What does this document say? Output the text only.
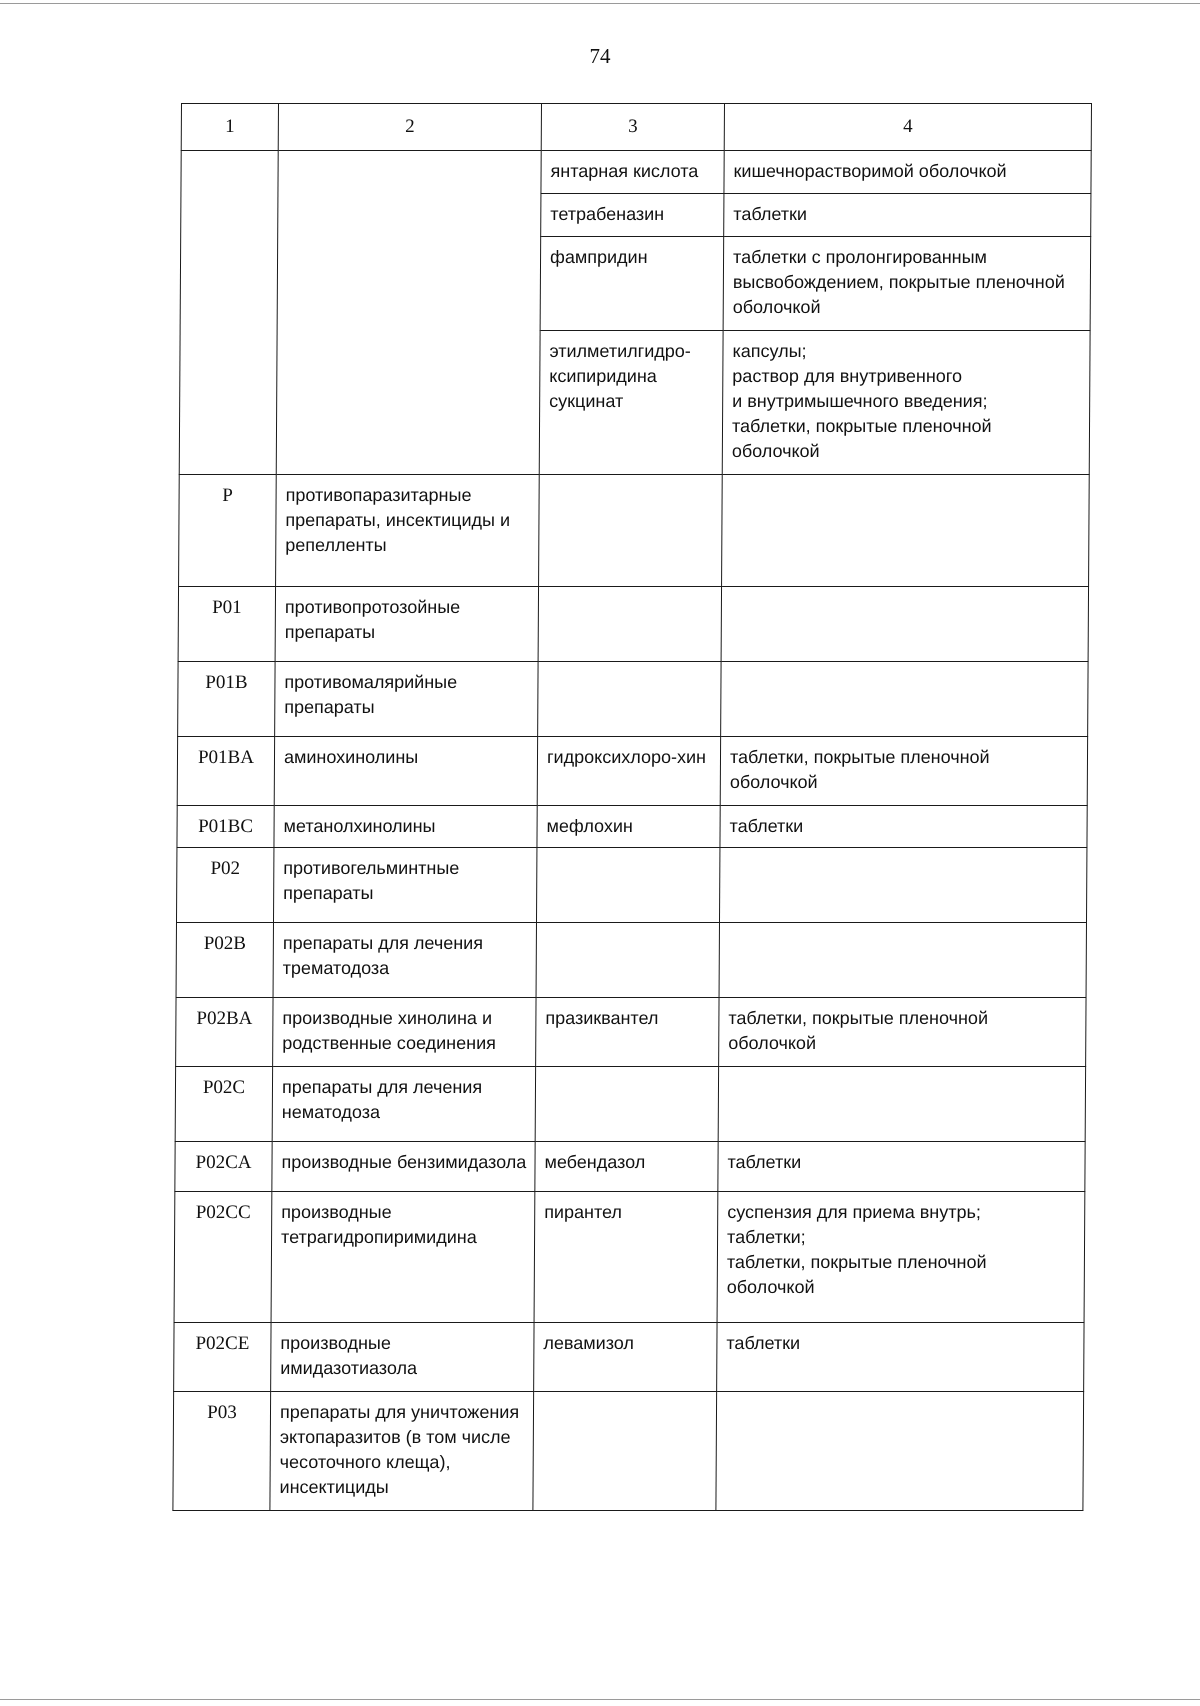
74
1	2	3	4
		янтарная кислота	кишечнорастворимой оболочкой
		тетрабеназин	таблетки
		фампридин	таблетки с пролонгированным высвобождением, покрытые пленочной оболочкой
		этилметилгидро-ксипиридина сукцинат	капсулы;
раствор для внутривенного
и внутримышечного введения;
таблетки, покрытые пленочной оболочкой
P	противопаразитарные препараты, инсектициды и репелленты		
P01	противопротозойные препараты		
P01B	противомалярийные препараты		
P01BA	аминохинолины	гидроксихлоро-хин	таблетки, покрытые пленочной оболочкой
P01BC	метанолхинолины	мефлохин	таблетки
P02	противогельминтные препараты		
P02B	препараты для лечения трематодоза		
P02BA	производные хинолина и родственные соединения	празиквантел	таблетки, покрытые пленочной оболочкой
P02C	препараты для лечения нематодоза		
P02CA	производные бензимидазола	мебендазол	таблетки
P02CC	производные тетрагидропиримидина	пирантел	суспензия для приема внутрь;
таблетки;
таблетки, покрытые пленочной оболочкой
P02CE	производные имидазотиазола	левамизол	таблетки
P03	препараты для уничтожения эктопаразитов (в том числе чесоточного клеща), инсектициды		
